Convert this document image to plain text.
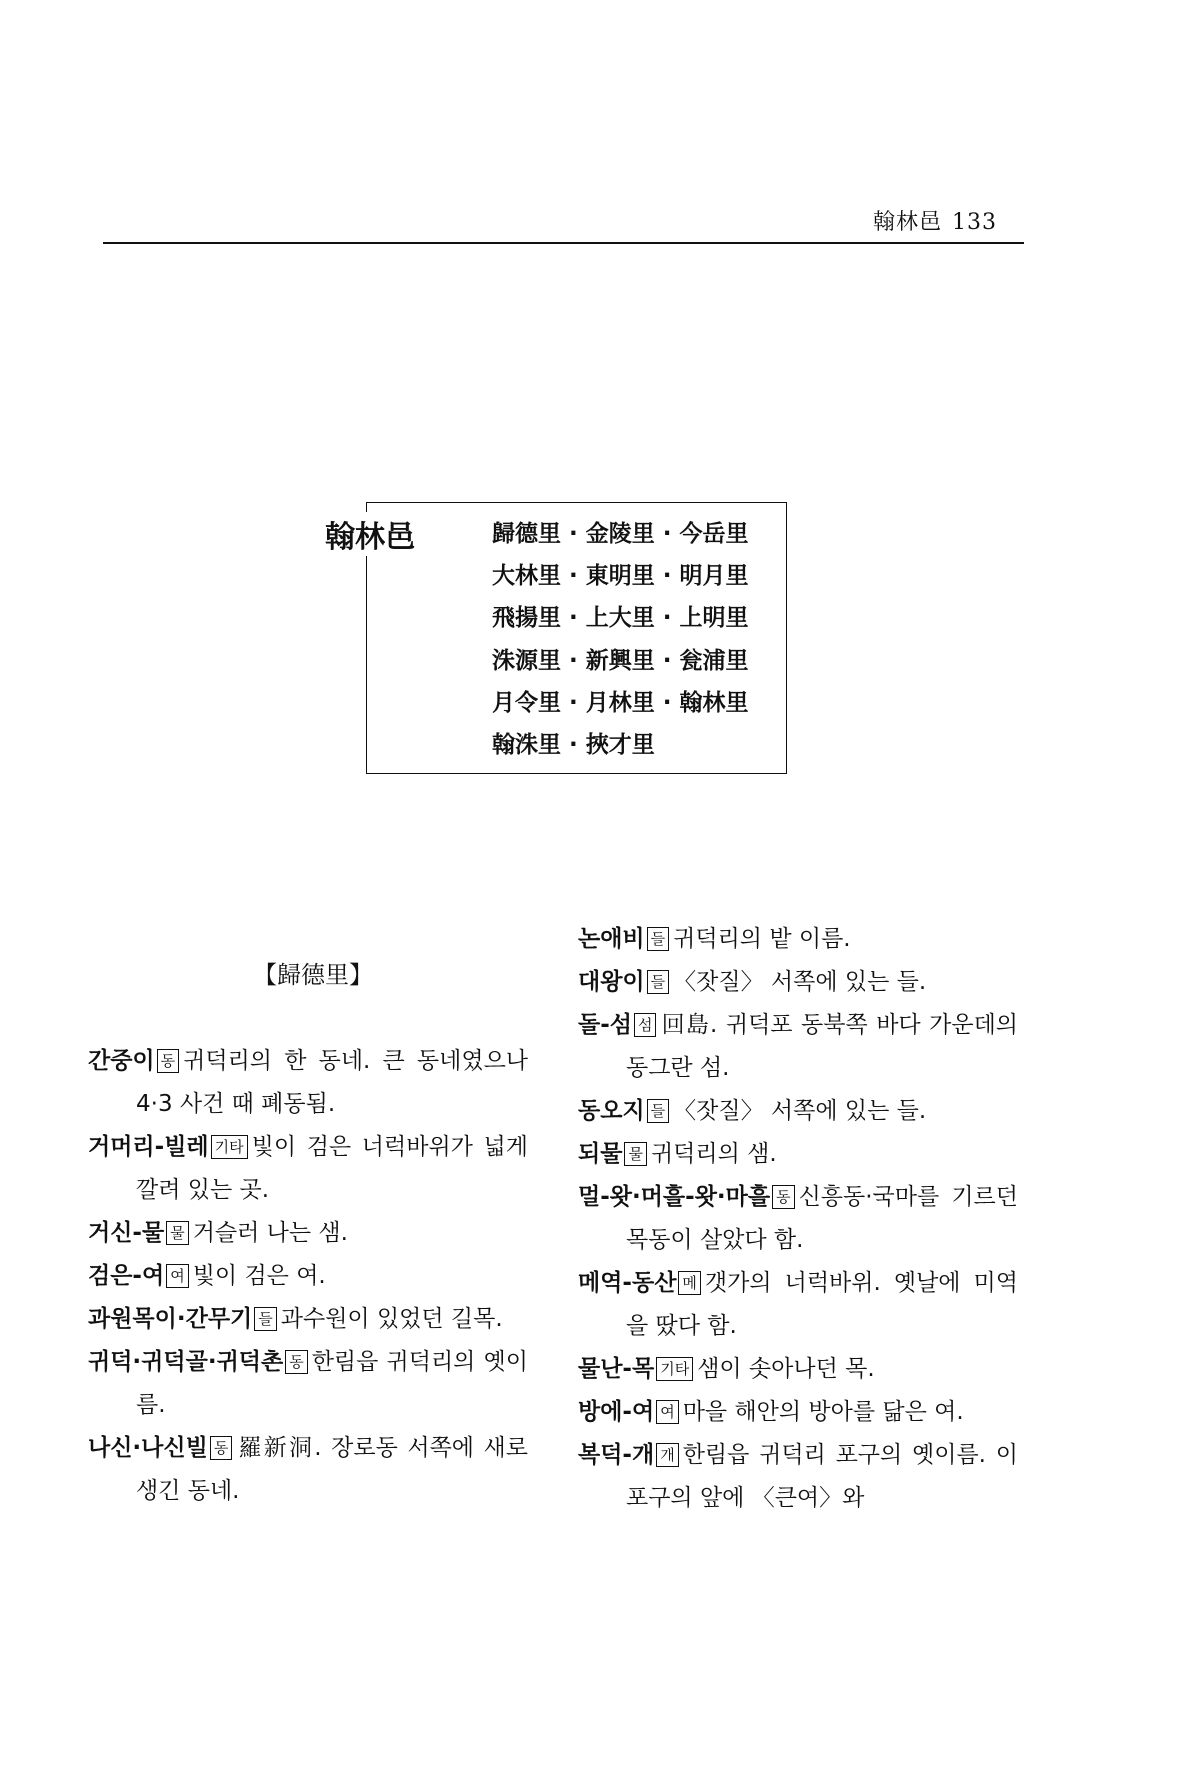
翰林邑 133
翰林邑	歸德里 · 金陵里 · 今岳里
大林里 · 東明里 · 明月里
飛揚里 · 上大里 · 上明里
洙源里 · 新興里 · 瓮浦里
月令里 · 月林里 · 翰林里
翰洙里 · 挾才里
【歸德里】

간중이 동 귀덕리의 한 동네. 큰 동네였으나 4·3 사건 때 폐동됨.

거머리-빌레 기타 빛이 검은 너럭바위가 넓게 깔려 있는 곳.

거신-물 물 거슬러 나는 샘.

검은-여 여 빛이 검은 여.

과원목이·간무기 들 과수원이 있었던 길목.

귀덕·귀덕골·귀덕촌 동 한림읍 귀덕리의 옛이름.

나신·나신빌 동 羅新洞. 장로동 서쪽에 새로 생긴 동네.

논애비 들 귀덕리의 밭 이름.

대왕이 들 〈잣질〉 서쪽에 있는 들.

돌-섬 섬 回島. 귀덕포 동북쪽 바다 가운데의 동그란 섬.

동오지 들 〈잣질〉 서쪽에 있는 들.

되물 물 귀덕리의 샘.

멀-왓·머흘-왓·마흘 동 신흥동·국마를 기르던 목동이 살았다 함.

메역-동산 메 갯가의 너럭바위. 옛날에 미역을 땄다 함.

물난-목 기타 샘이 솟아나던 목.

방에-여 여 마을 해안의 방아를 닮은 여.

복덕-개 개 한림읍 귀덕리 포구의 옛이름. 이 포구의 앞에 〈큰여〉와
